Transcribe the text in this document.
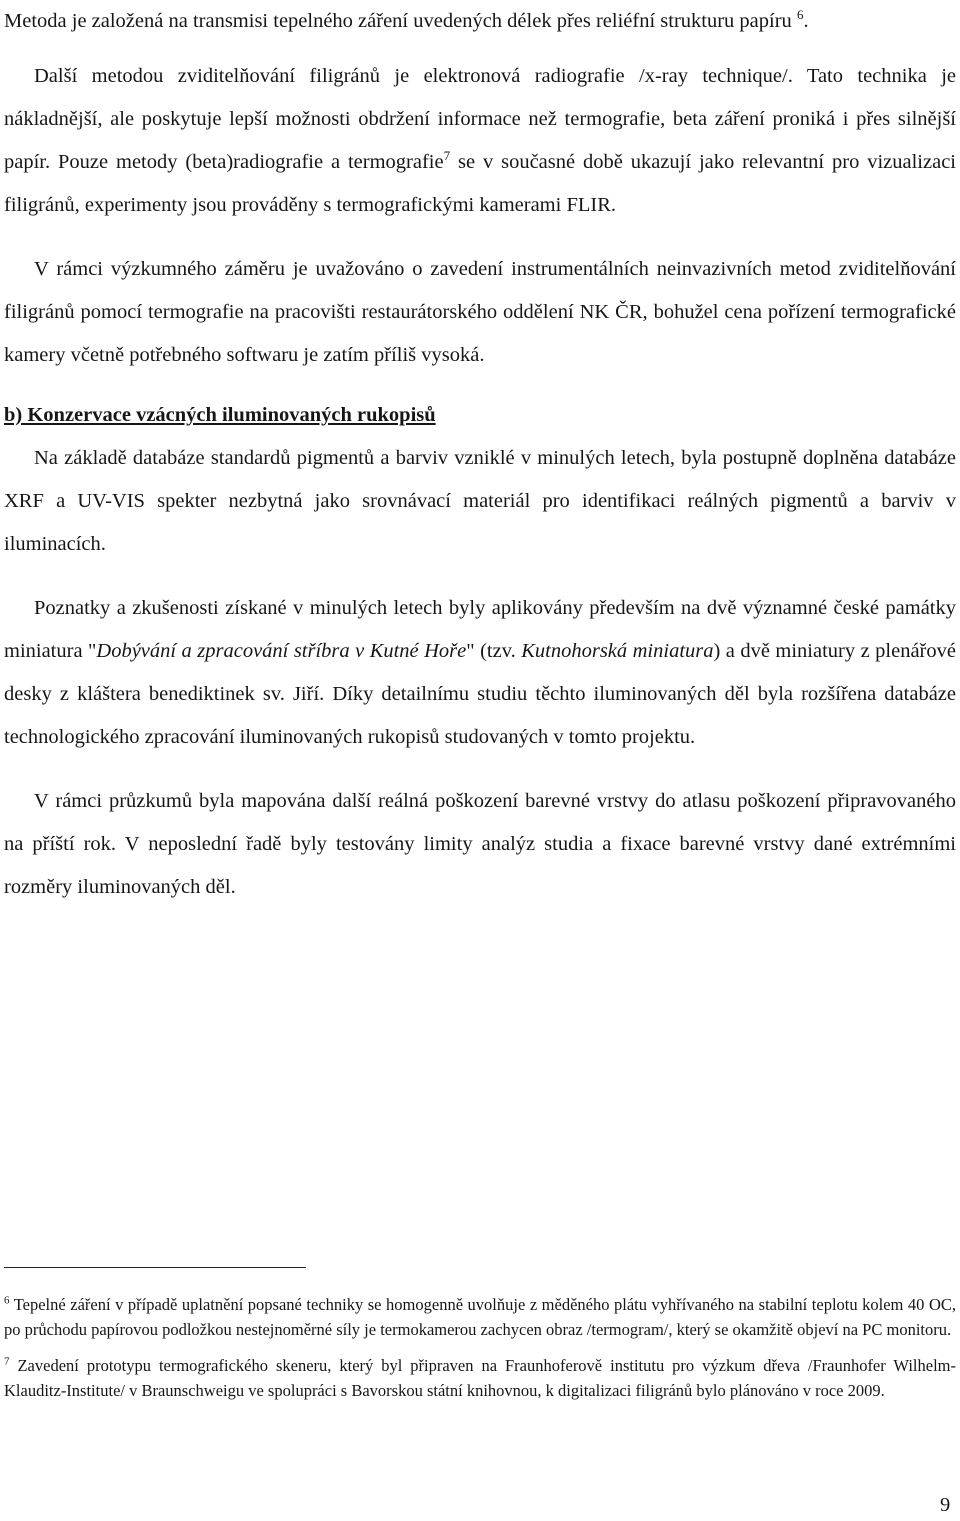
Metoda je založená na transmisi tepelného záření uvedených délek přes reliéfní strukturu papíru $^6$.

Další metodou zviditelňování filigránů je elektronová radiografie /x-ray technique/. Tato technika je nákladnější, ale poskytuje lepší možnosti obdržení informace než termografie, beta záření proniká i přes silnější papír. Pouze metody (beta)radiografie a termografie$^7$ se v současné době ukazují jako relevantní pro vizualizaci filigránů, experimenty jsou prováděny s termografickými kamerami FLIR.

V rámci výzkumného záměru je uvažováno o zavedení instrumentálních neinvazivních metod zviditelňování filigránů pomocí termografie na pracovišti restaurátorského oddělení NK ČR, bohužel cena pořízení termografické kamery včetně potřebného softwaru je zatím příliš vysoká.

b) Konzervace vzácných iluminovaných rukopisů

Na základě databáze standardů pigmentů a barviv vzniklé v minulých letech, byla postupně doplněna databáze XRF a UV-VIS spekter nezbytná jako srovnávací materiál pro identifikaci reálných pigmentů a barviv v iluminacích.

Poznatky a zkušenosti získané v minulých letech byly aplikovány především na dvě významné české památky miniatura "Dobývání a zpracování stříbra v Kutné Hoře" (tzv. Kutnohorská miniatura) a dvě miniatury z plenářové desky z kláštera benediktinek sv. Jiří. Díky detailnímu studiu těchto iluminovaných děl byla rozšířena databáze technologického zpracování iluminovaných rukopisů studovaných v tomto projektu.

V rámci průzkumů byla mapována další reálná poškození barevné vrstvy do atlasu poškození připravovaného na příští rok. V neposlední řadě byly testovány limity analýz studia a fixace barevné vrstvy dané extrémními rozměry iluminovaných děl.

$^6$ Tepelné záření v případě uplatnění popsané techniky se homogenně uvolňuje z měděného plátu vyhřívaného na stabilní teplotu kolem 40 OC, po průchodu papírovou podložkou nestejnoměrné síly je termokamerou zachycen obraz /termogram/, který se okamžitě objeví na PC monitoru.

$^7$ Zavedení prototypu termografického skeneru, který byl připraven na Fraunhoferově institutu pro výzkum dřeva /Fraunhofer Wilhelm-Klauditz-Institute/ v Braunschweigu ve spolupráci s Bavorskou státní knihovnou, k digitalizaci filigránů bylo plánováno v roce 2009.

9
